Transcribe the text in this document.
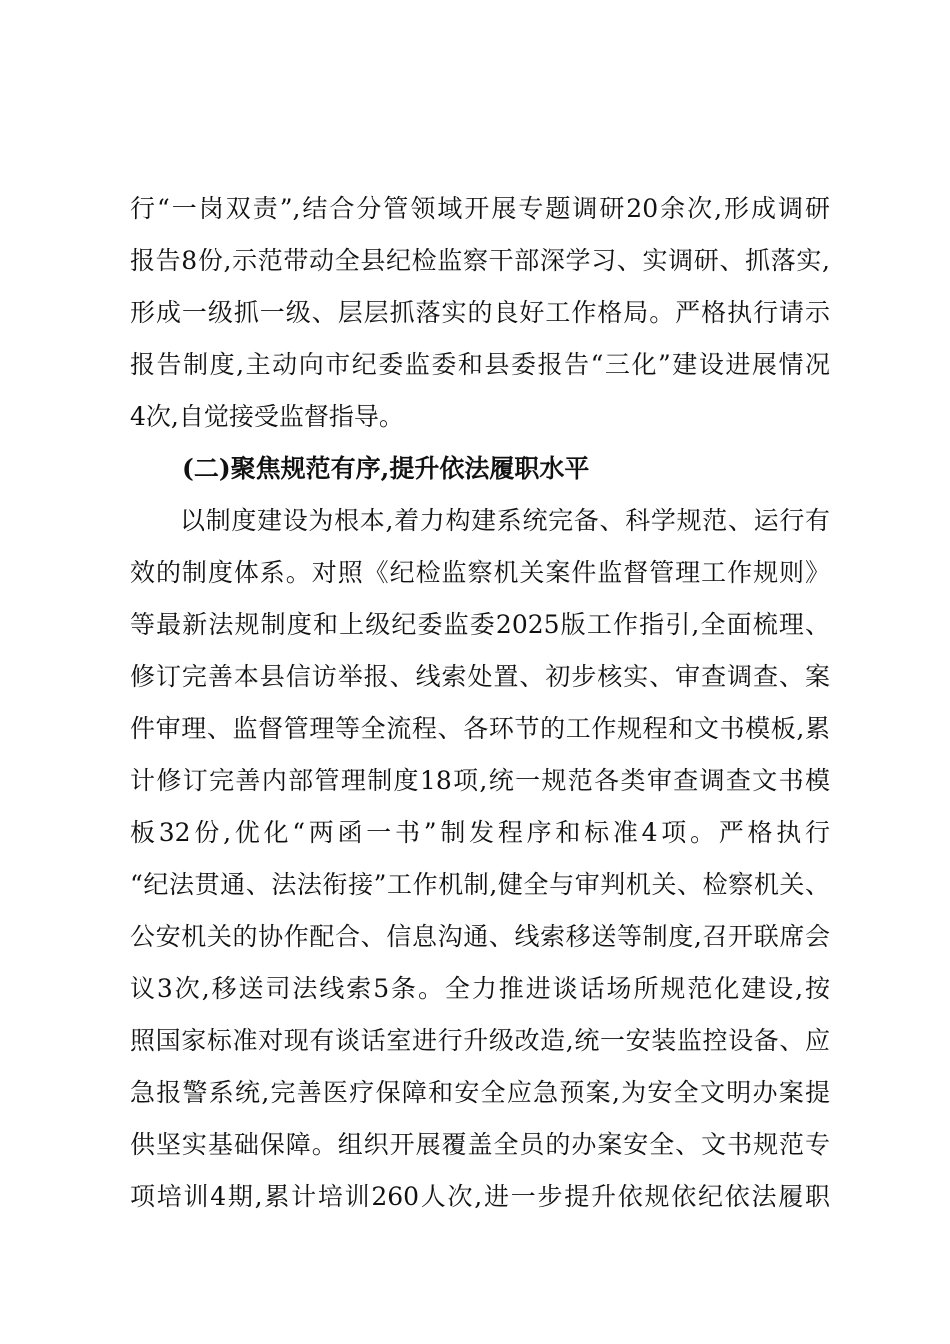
行“一岗双责”,结合分管领域开展专题调研20余次,形成调研
报告8份,示范带动全县纪检监察干部深学习、实调研、抓落实,
形成一级抓一级、层层抓落实的良好工作格局。严格执行请示
报告制度,主动向市纪委监委和县委报告“三化”建设进展情况
4次,自觉接受监督指导。
(二)聚焦规范有序,提升依法履职水平
以制度建设为根本,着力构建系统完备、科学规范、运行有
效的制度体系。对照《纪检监察机关案件监督管理工作规则》
等最新法规制度和上级纪委监委2025版工作指引,全面梳理、
修订完善本县信访举报、线索处置、初步核实、审查调查、案
件审理、监督管理等全流程、各环节的工作规程和文书模板,累
计修订完善内部管理制度18项,统一规范各类审查调查文书模
板32份,优化“两函一书”制发程序和标准4项。严格执行
“纪法贯通、法法衔接”工作机制,健全与审判机关、检察机关、
公安机关的协作配合、信息沟通、线索移送等制度,召开联席会
议3次,移送司法线索5条。全力推进谈话场所规范化建设,按
照国家标准对现有谈话室进行升级改造,统一安装监控设备、应
急报警系统,完善医疗保障和安全应急预案,为安全文明办案提
供坚实基础保障。组织开展覆盖全员的办案安全、文书规范专
项培训4期,累计培训260人次,进一步提升依规依纪依法履职
